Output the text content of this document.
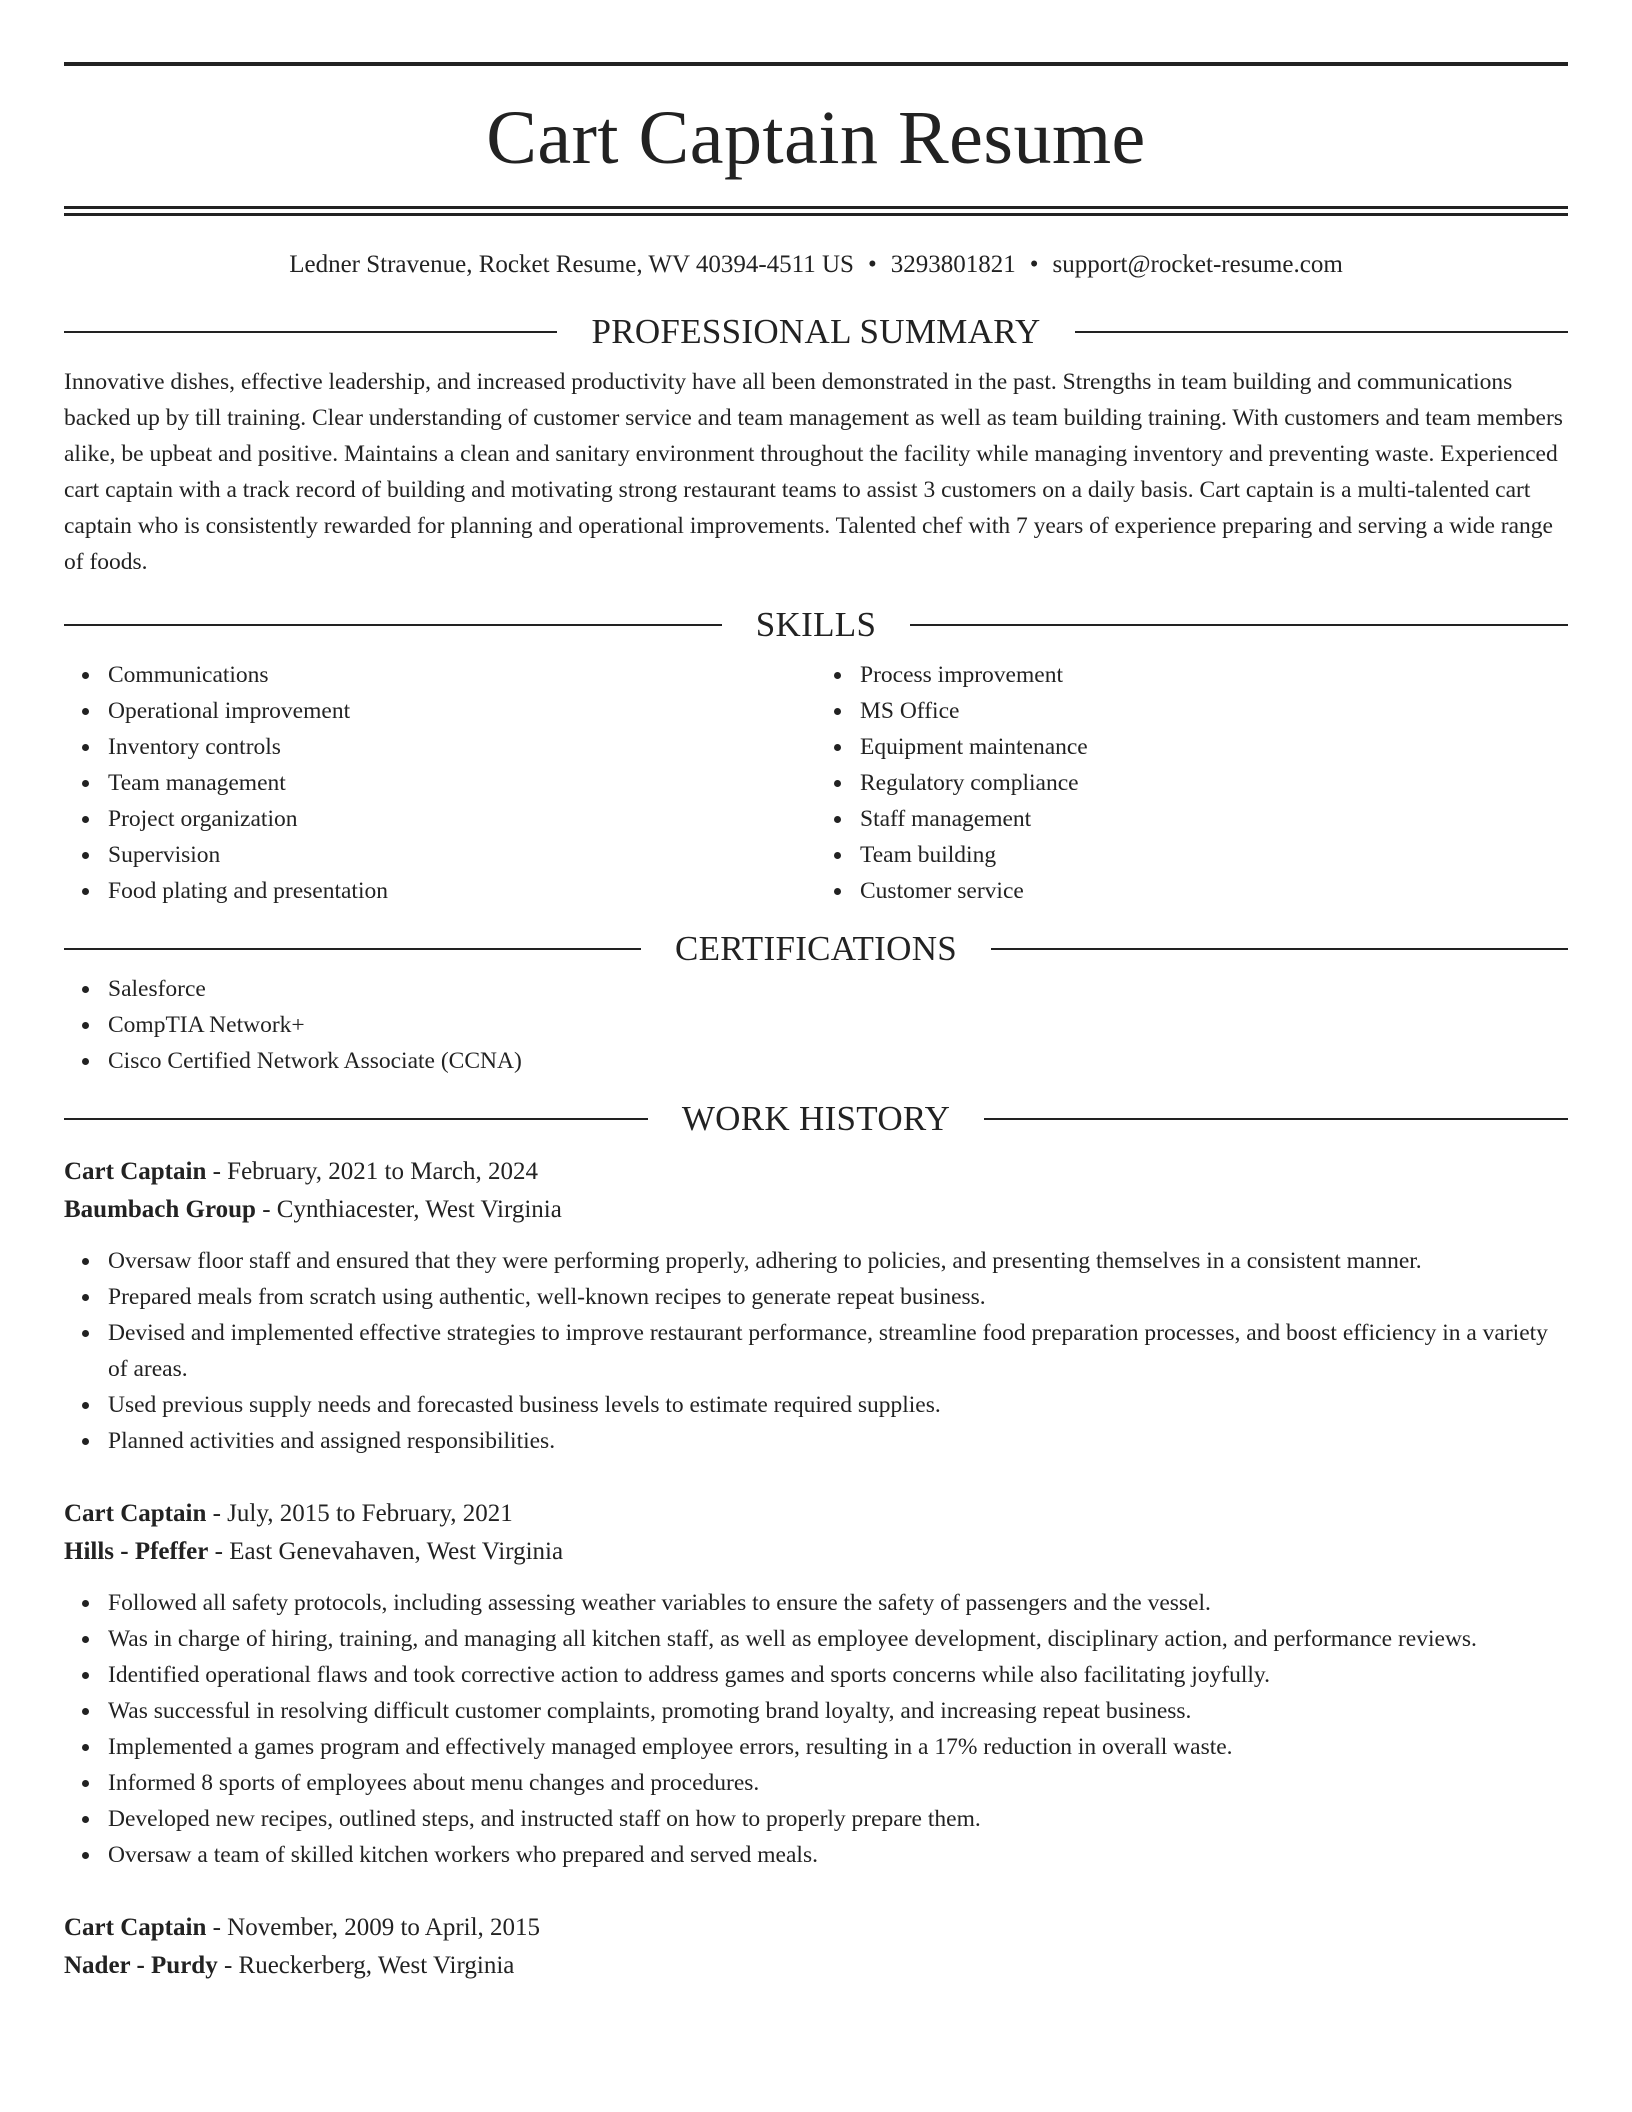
Cart Captain Resume
Ledner Stravenue, Rocket Resume, WV 40394-4511 US • 3293801821 • support@rocket-resume.com
PROFESSIONAL SUMMARY

Innovative dishes, effective leadership, and increased productivity have all been demonstrated in the past. Strengths in team building and communications backed up by till training. Clear understanding of customer service and team management as well as team building training. With customers and team members alike, be upbeat and positive. Maintains a clean and sanitary environment throughout the facility while managing inventory and preventing waste. Experienced cart captain with a track record of building and motivating strong restaurant teams to assist 3 customers on a daily basis. Cart captain is a multi-talented cart captain who is consistently rewarded for planning and operational improvements. Talented chef with 7 years of experience preparing and serving a wide range of foods.

SKILLS
Communications
Operational improvement
Inventory controls
Team management
Project organization
Supervision
Food plating and presentation
Process improvement
MS Office
Equipment maintenance
Regulatory compliance
Staff management
Team building
Customer service
CERTIFICATIONS
Salesforce
CompTIA Network+
Cisco Certified Network Associate (CCNA)
WORK HISTORY
Cart Captain - February, 2021 to March, 2024
Baumbach Group - Cynthiacester, West Virginia
Oversaw floor staff and ensured that they were performing properly, adhering to policies, and presenting themselves in a consistent manner.
Prepared meals from scratch using authentic, well-known recipes to generate repeat business.
Devised and implemented effective strategies to improve restaurant performance, streamline food preparation processes, and boost efficiency in a variety of areas.
Used previous supply needs and forecasted business levels to estimate required supplies.
Planned activities and assigned responsibilities.
Cart Captain - July, 2015 to February, 2021
Hills - Pfeffer - East Genevahaven, West Virginia
Followed all safety protocols, including assessing weather variables to ensure the safety of passengers and the vessel.
Was in charge of hiring, training, and managing all kitchen staff, as well as employee development, disciplinary action, and performance reviews.
Identified operational flaws and took corrective action to address games and sports concerns while also facilitating joyfully.
Was successful in resolving difficult customer complaints, promoting brand loyalty, and increasing repeat business.
Implemented a games program and effectively managed employee errors, resulting in a 17% reduction in overall waste.
Informed 8 sports of employees about menu changes and procedures.
Developed new recipes, outlined steps, and instructed staff on how to properly prepare them.
Oversaw a team of skilled kitchen workers who prepared and served meals.
Cart Captain - November, 2009 to April, 2015
Nader - Purdy - Rueckerberg, West Virginia
